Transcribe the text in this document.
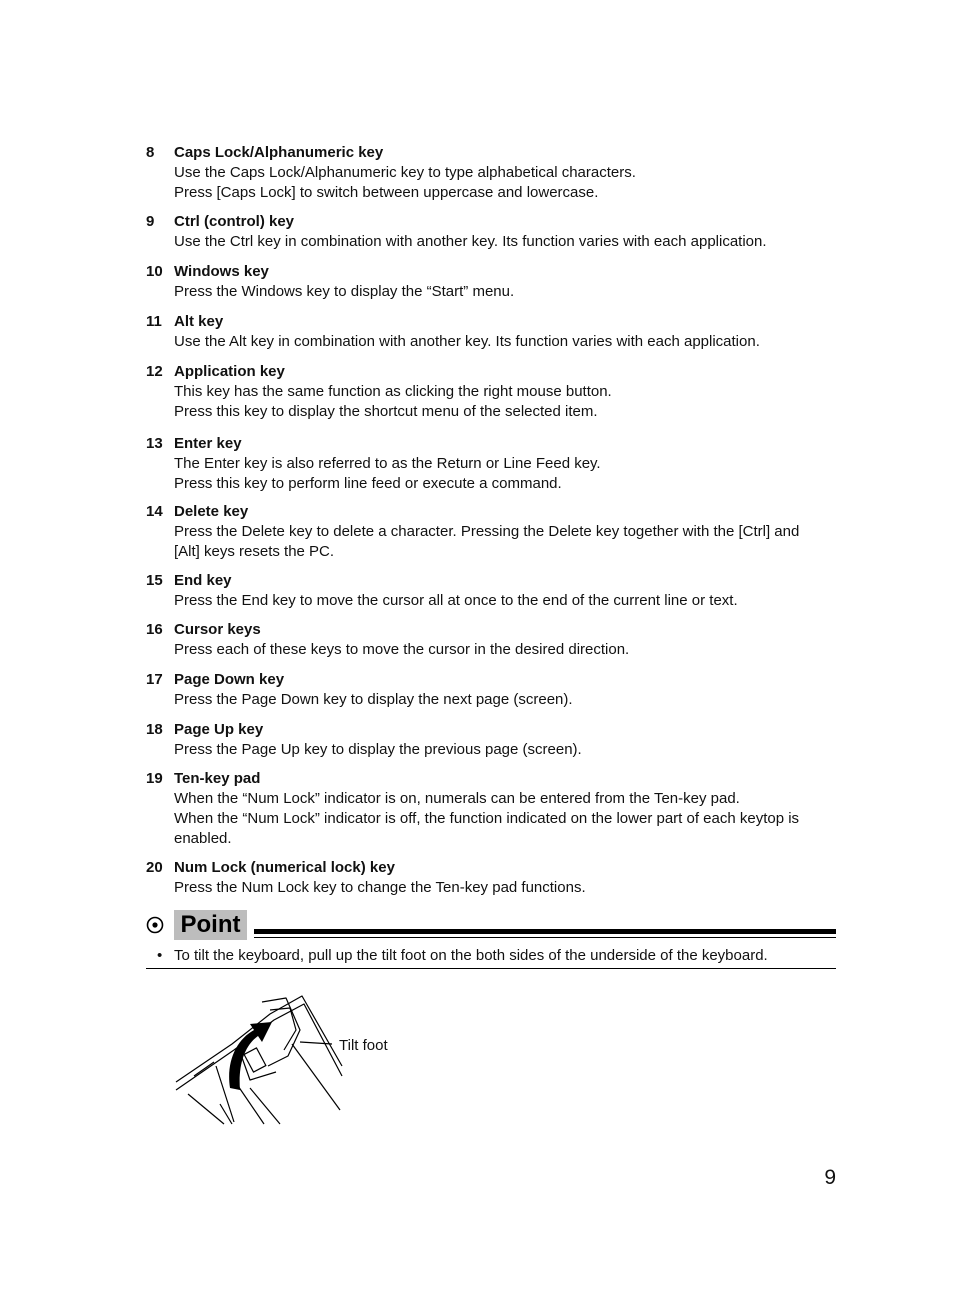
8	Caps Lock/Alphanumeric key
Use the Caps Lock/Alphanumeric key to type alphabetical characters.
Press [Caps Lock] to switch between uppercase and lowercase.
9	Ctrl (control) key
Use the Ctrl key in combination with another key. Its function varies with each application.
10 Windows key
Press the Windows key to display the “Start” menu.
11 Alt key
Use the Alt key in combination with another key. Its function varies with each application.
12 Application key
This key has the same function as clicking the right mouse button.
Press this key to display the shortcut menu of the selected item.
13 Enter key
The Enter key is also referred to as the Return or Line Feed key.
Press this key to perform line feed or execute a command.
14 Delete key
Press the Delete key to delete a character. Pressing the Delete key together with the [Ctrl] and
[Alt] keys resets the PC.
15 End key
Press the End key to move the cursor all at once to the end of the current line or text.
16 Cursor keys
Press each of these keys to move the cursor in the desired direction.
17 Page Down key
Press the Page Down key to display the next page (screen).
18 Page Up key
Press the Page Up key to display the previous page (screen).
19 Ten-key pad
When the “Num Lock” indicator is on, numerals can be entered from the Ten-key pad.
When the “Num Lock” indicator is off, the function indicated on the lower part of each keytop is
enabled.
20 Num Lock (numerical lock) key
Press the Num Lock key to change the Ten-key pad functions.
Point
• To tilt the keyboard, pull up the tilt foot on the both sides of the underside of the keyboard.
Tilt foot
9
